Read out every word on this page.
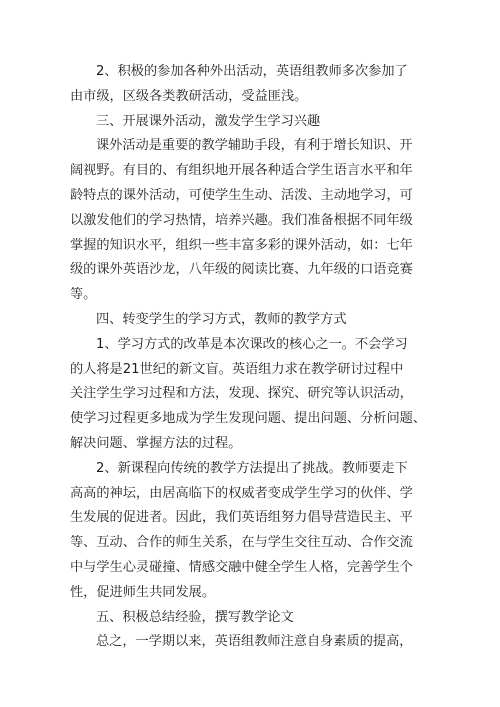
2、积极的参加各种外出活动，英语组教师多次参加了
由市级，区级各类教研活动，受益匪浅。
三、开展课外活动，激发学生学习兴趣
课外活动是重要的教学辅助手段，有利于增长知识、开
阔视野。有目的、有组织地开展各种适合学生语言水平和年
龄特点的课外活动，可使学生生动、活泼、主动地学习，可
以激发他们的学习热情，培养兴趣。我们准备根据不同年级
掌握的知识水平，组织一些丰富多彩的课外活动，如：七年
级的课外英语沙龙，八年级的阅读比赛、九年级的口语竞赛
等。
四、转变学生的学习方式，教师的教学方式
1、学习方式的改革是本次课改的核心之一。不会学习
的人将是21世纪的新文盲。英语组力求在教学研讨过程中
关注学生学习过程和方法，发现、探究、研究等认识活动，
使学习过程更多地成为学生发现问题、提出问题、分析问题、
解决问题、掌握方法的过程。
2、新课程向传统的教学方法提出了挑战。教师要走下
高高的神坛，由居高临下的权威者变成学生学习的伙伴、学
生发展的促进者。因此，我们英语组努力倡导营造民主、平
等、互动、合作的师生关系，在与学生交往互动、合作交流
中与学生心灵碰撞、情感交融中健全学生人格，完善学生个
性，促进师生共同发展。
五、积极总结经验，撰写教学论文
总之，一学期以来，英语组教师注意自身素质的提高，
